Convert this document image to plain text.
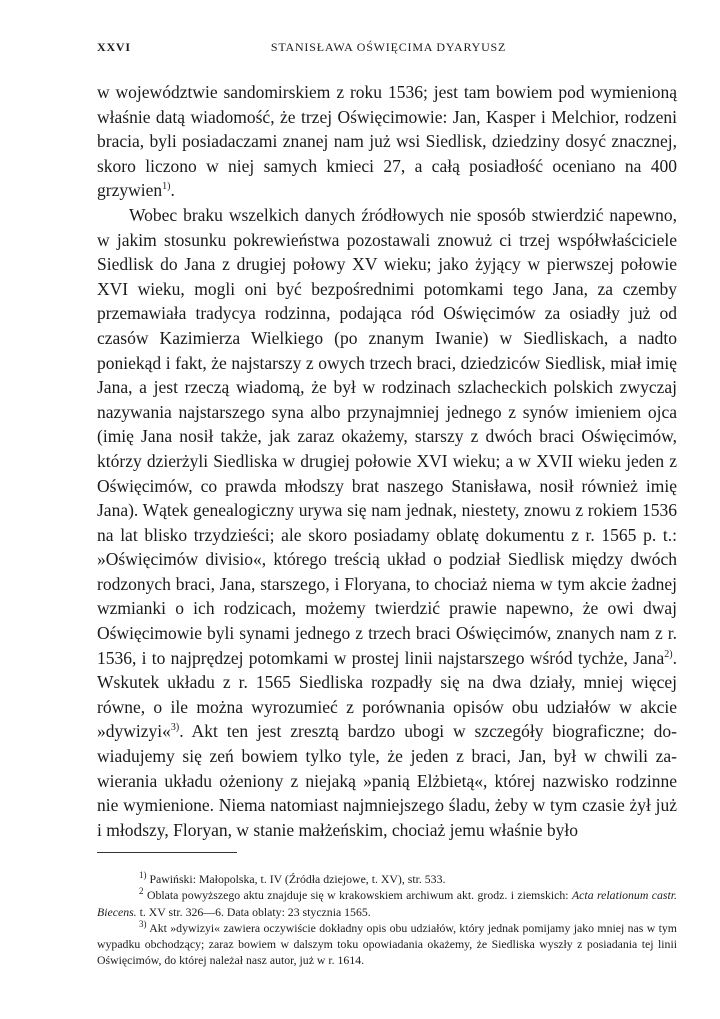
XXVI	STANISŁAWA OŚWIĘCIMA DYARYUSZ

w województwie sandomirskiem z roku 1536; jest tam bowiem pod wymienioną właśnie datą wiadomość, że trzej Oświęcimowie: Jan, Kasper i Melchior, rodzeni bracia, byli posiadaczami znanej nam już wsi Siedlisk, dziedziny dosyć znacznej, skoro liczono w niej samych kmieci 27, a całą posiadłość oceniano na 400 grzywien$^{1)}$.

Wobec braku wszelkich danych źródłowych nie sposób stwierdzić napewno, w jakim stosunku pokrewieństwa pozostawali znowuż ci trzej współwłaściciele Siedlisk do Jana z drugiej połowy XV wieku; jako żyjący w pierwszej połowie XVI wieku, mogli oni być bezpośrednimi potomkami tego Jana, za czemby przemawiała tradycya rodzinna, podająca ród Oświęcimów za osiadły już od czasów Kazimierza Wielkiego (po znanym Iwanie) w Siedliskach, a nadto poniekąd i fakt, że najstarszy z owych trzech braci, dziedziców Siedlisk, miał imię Jana, a jest rzeczą wiadomą, że był w rodzinach szlacheckich polskich zwyczaj nazywania najstarszego syna albo przynajmniej jednego z synów imieniem ojca (imię Jana nosił także, jak zaraz okażemy, starszy z dwóch braci Oświęcimów, którzy dzierżyli Siedliska w drugiej połowie XVI wieku; a w XVII wieku jeden z Oświęcimów, co prawda młodszy brat naszego Stanisława, nosił również imię Jana). Wątek genealogiczny urywa się nam jednak, niestety, znowu z rokiem 1536 na lat blisko trzydzieści; ale skoro posiadamy oblatę dokumentu z r. 1565 p. t.: »Oświęcimów divisio«, którego treścią układ o podział Siedlisk między dwóch rodzonych braci, Jana, starszego, i Floryana, to chociaż niema w tym akcie żadnej wzmianki o ich rodzicach, możemy twierdzić prawie napewno, że owi dwaj Oświęcimowie byli synami jednego z trzech braci Oświęcimów, znanych nam z r. 1536, i to najprędzej potomkami w prostej linii najstarszego wśród tychże, Jana$^{2)}$. Wskutek układu z r. 1565 Siedliska rozpadły się na dwa działy, mniej więcej równe, o ile można wyrozumieć z porównania opisów obu udziałów w akcie »dywizyi«$^{3)}$. Akt ten jest zresztą bardzo ubogi w szczegóły biograficzne; dowiadujemy się zeń bowiem tylko tyle, że jeden z braci, Jan, był w chwili zawierania układu ożeniony z niejaką »panią Elżbietą«, której nazwisko rodzinne nie wymienione. Niema natomiast najmniejszego śladu, żeby w tym czasie żył już i młodszy, Floryan, w stanie małżeńskim, chociaż jemu właśnie było

$^{1)}$ Pawiński: Małopolska, t. IV (Źródła dziejowe, t. XV), str. 533.

$^2$ Oblata powyższego aktu znajduje się w krakowskiem archiwum akt. grodz. i ziemskich: Acta relationum castr. Biecens. t. XV str. 326—6. Data oblaty: 23 stycznia 1565.

$^{3)}$ Akt »dywizyi« zawiera oczywiście dokładny opis obu udziałów, który jednak pomijamy jako mniej nas w tym wypadku obchodzący; zaraz bowiem w dalszym toku opowiadania okażemy, że Siedliska wyszły z posiadania tej linii Oświęcimów, do której należał nasz autor, już w r. 1614.
